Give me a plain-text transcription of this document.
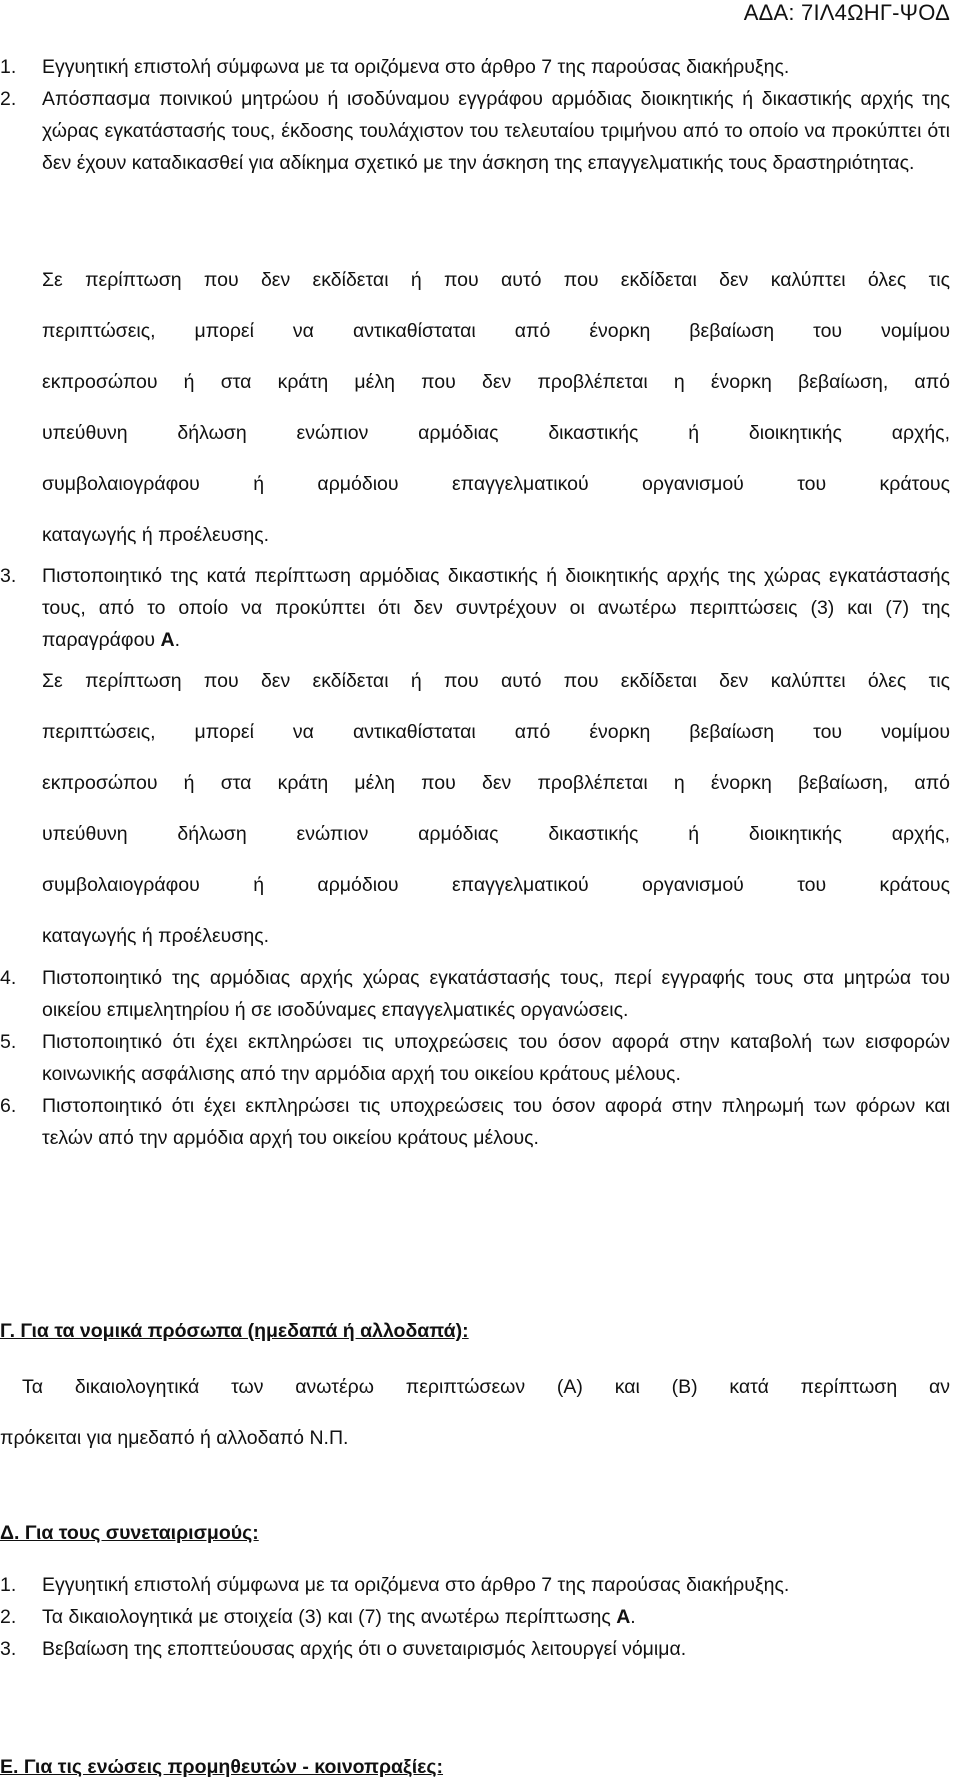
ΑΔΑ: 7ΙΛ4ΩΗΓ-ΨΟΔ
1. Εγγυητική επιστολή σύμφωνα με τα οριζόμενα στο άρθρο 7 της παρούσας διακήρυξης.
2. Απόσπασμα ποινικού μητρώου ή ισοδύναμου εγγράφου αρμόδιας διοικητικής ή δικαστικής αρχής της χώρας εγκατάστασής τους, έκδοσης τουλάχιστον του τελευταίου τριμήνου από το οποίο να προκύπτει ότι δεν έχουν καταδικασθεί για αδίκημα σχετικό με την άσκηση της επαγγελματικής τους δραστηριότητας.
Σε περίπτωση που δεν εκδίδεται ή που αυτό που εκδίδεται δεν καλύπτει όλες τις
περιπτώσεις, μπορεί να αντικαθίσταται από ένορκη βεβαίωση του νομίμου
εκπροσώπου ή στα κράτη μέλη που δεν προβλέπεται η ένορκη βεβαίωση, από
υπεύθυνη δήλωση ενώπιον αρμόδιας δικαστικής ή διοικητικής αρχής,
συμβολαιογράφου ή αρμόδιου επαγγελματικού οργανισμού του κράτους
καταγωγής ή προέλευσης.
3. Πιστοποιητικό της κατά περίπτωση αρμόδιας δικαστικής ή διοικητικής αρχής της χώρας εγκατάστασής τους, από το οποίο να προκύπτει ότι δεν συντρέχουν οι ανωτέρω περιπτώσεις (3) και (7) της παραγράφου Α.
Σε περίπτωση που δεν εκδίδεται ή που αυτό που εκδίδεται δεν καλύπτει όλες τις
περιπτώσεις, μπορεί να αντικαθίσταται από ένορκη βεβαίωση του νομίμου
εκπροσώπου ή στα κράτη μέλη που δεν προβλέπεται η ένορκη βεβαίωση, από
υπεύθυνη δήλωση ενώπιον αρμόδιας δικαστικής ή διοικητικής αρχής,
συμβολαιογράφου ή αρμόδιου επαγγελματικού οργανισμού του κράτους
καταγωγής ή προέλευσης.
4. Πιστοποιητικό της αρμόδιας αρχής χώρας εγκατάστασής τους, περί εγγραφής τους στα μητρώα του οικείου επιμελητηρίου ή σε ισοδύναμες επαγγελματικές οργανώσεις.
5. Πιστοποιητικό ότι έχει εκπληρώσει τις υποχρεώσεις του όσον αφορά στην καταβολή των εισφορών κοινωνικής ασφάλισης από την αρμόδια αρχή του οικείου κράτους μέλους.
6. Πιστοποιητικό ότι έχει εκπληρώσει τις υποχρεώσεις του όσον αφορά στην πληρωμή των φόρων και τελών από την αρμόδια αρχή του οικείου κράτους μέλους.
Γ. Για τα νομικά πρόσωπα (ημεδαπά ή αλλοδαπά):
Τα δικαιολογητικά των ανωτέρω περιπτώσεων (Α) και (Β) κατά περίπτωση αν
πρόκειται για ημεδαπό ή αλλοδαπό Ν.Π.
Δ. Για τους συνεταιρισμούς:
1. Εγγυητική επιστολή σύμφωνα με τα οριζόμενα στο άρθρο 7 της παρούσας διακήρυξης.
2. Τα δικαιολογητικά με στοιχεία (3) και (7) της ανωτέρω περίπτωσης Α.
3. Βεβαίωση της εποπτεύουσας αρχής ότι ο συνεταιρισμός λειτουργεί νόμιμα.
Ε. Για τις ενώσεις προμηθευτών - κοινοπραξίες:
